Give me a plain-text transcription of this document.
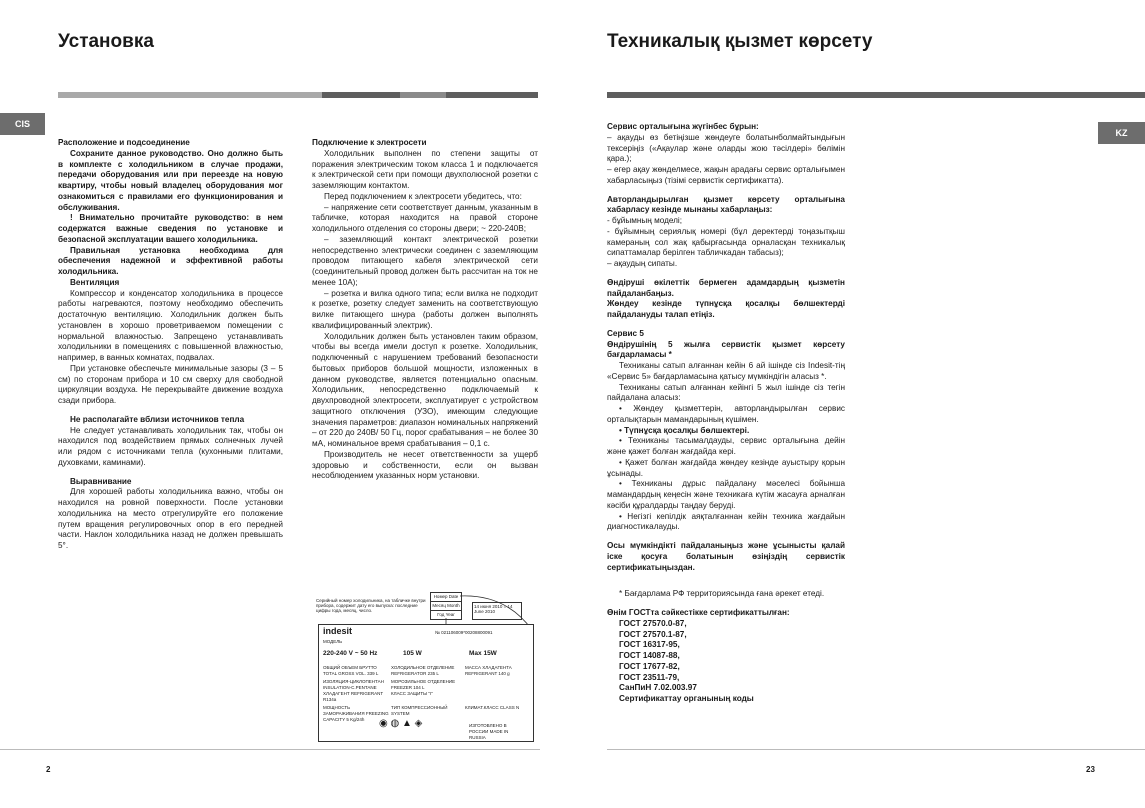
Установка
CIS

Расположение и подсоединение

Сохраните данное руководство. Оно должно быть в комплекте с холодильником в случае продажи, передачи оборудования или при переезде на новую квартиру, чтобы новый владелец оборудования мог ознакомиться с правилами его функционирования и обслуживания.

! Внимательно прочитайте руководство: в нем содержатся важные сведения по установке и безопасной эксплуатации вашего холодильника.

Правильная установка необходима для обеспечения надежной и эффективной работы холодильника.

Вентиляция

Компрессор и конденсатор холодильника в процессе работы нагреваются, поэтому необходимо обеспечить достаточную вентиляцию. Холодильник должен быть установлен в хорошо проветриваемом помещении с нормальной влажностью. Запрещено устанавливать холодильники в помещениях с повышенной влажностью, например, в ванных комнатах, подвалах.

При установке обеспечьте минимальные зазоры (3 – 5 см) по сторонам прибора и 10 см сверху для свободной циркуляции воздуха. Не перекрывайте движение воздуха сзади прибора.

Не располагайте вблизи источников тепла

Не следует устанавливать холодильник так, чтобы он находился под воздействием прямых солнечных лучей или рядом с источниками тепла (кухонными плитами, духовками, каминами).

Выравнивание

Для хорошей работы холодильника важно, чтобы он находился на ровной поверхности. После установки холодильника на место отрегулируйте его положение путем вращения регулировочных опор в его передней части. Наклон холодильника назад не должен превышать 5°.

Подключение к электросети

Холодильник выполнен по степени защиты от поражения электрическим током класса 1 и подключается к электрической сети при помощи двухполюсной розетки с заземляющим контактом.

Перед подключением к электросети убедитесь, что:

– напряжение сети соответствует данным, указанным в табличке, которая находится на правой стороне холодильного отделения со стороны двери; ~ 220-240В;

– заземляющий контакт электрической розетки непосредственно электрически соединен с заземляющим проводом питающего кабеля электрической сети (соединительный провод должен быть рассчитан на ток не менее 10А);

– розетка и вилка одного типа; если вилка не подходит к розетке, розетку следует заменить на соответствующую вилке питающего шнура (работы должен выполнять квалифицированный электрик).

Холодильник должен быть установлен таким образом, чтобы вы всегда имели доступ к розетке. Холодильник, подключенный с нарушением требований безопасности бытовых приборов большой мощности, изложенных в данном руководстве, является потенциально опасным. Холодильник, непосредственно подключаемый к двухпроводной электросети, эксплуатирует с устройством защитного отключения (УЗО), имеющим следующие значения параметров: диапазон номинальных напряжений – от 220 до 240В/ 50 Гц, порог срабатывания – не более 30 мА, номинальное время срабатывания – 0,1 с.

Производитель не несет ответственности за ущерб здоровью и собственности, если он вызван несоблюдением указанных норм установки.

Серийный номер холодильника, на табличке внутри прибора, содержит дату его выпуска: последние цифры года, месяц, число.
Номер Date
Месяц Month
Год Year
14 июня 2010 = 14 June 2010
indesit
МОДЕЛЬ
№ 021106009*00208800091
220-240 V ~ 50 Hz	105 W	Max 15W
ОБЩИЙ ОБЪЕМ БРУТТО TOTAL GROSS VOL. 339 L
ХОЛОДИЛЬНОЕ ОТДЕЛЕНИЕ REFRIGERATOR 235 L
МАССА ХЛАДАГЕНТА REFRIGERANT 140 g
ИЗОЛЯЦИЯ-ЦИКЛОПЕНТАН INSULATION-C.PENTANE
МОРОЗИЛЬНОЕ ОТДЕЛЕНИЕ FREEZER 104 L
ХЛАДАГЕНТ REFRIGERANT R134a
КЛАСС ЗАЩИТЫ "I"
МОЩНОСТЬ ЗАМОРАЖИВАНИЯ FREEZING CAPACITY 5 Kg/24h
ТИП КОМПРЕССИОННЫЙ SYSTEM
КЛИМАТ.КЛАСС CLASS N
◉ ◍ ▲ ◈	ИЗГОТОВЛЕНО В РОССИИ MADE IN RUSSIA
2
Техникалық қызмет көрсету
KZ

Сервис орталығына жүгінбес бұрын:

– ақауды өз бетіңізше жөндеуге болатынболмайтындығын тексеріңіз («Ақаулар және оларды жою тәсілдері» бөлімін қара.);

– егер ақау жөнделмесе, жақын арадағы сервис орталығымен хабарласыңыз (тізімі сервистік сертификатта).

Авторландырылған қызмет көрсету орталығына хабарласу кезінде мынаны хабарлаңыз:

- бұйымның моделі;

- бұйымның сериялық номері (бұл деректерді тоңазытқыш камераның сол жақ қабырғасында орналасқан техникалық сипаттамалар берілген табличкадан табасыз);

– ақаудың сипаты.

Өндіруші өкілеттік бермеген адамдардың қызметін пайдаланбаңыз.

Жөндеу кезінде түпнұсқа қосалқы бөлшектерді пайдалануды талап етіңіз.

Сервис 5

Өндірушінің 5 жылға сервистік қызмет көрсету бағдарламасы *

Техниканы сатып алғаннан кейін 6 ай ішінде сіз Indesit-тің «Сервис 5» бағдарламасына қатысу мүмкіндігін аласыз *.

Техниканы сатып алғаннан кейінгі 5 жыл ішінде сіз тегін пайдалана аласыз:

• Жөндеу қызметтерін, авторландырылған сервис орталықтарын мамандарының күшімен.

• Түпнұсқа қосалқы бөлшектері.

• Техниканы тасымалдауды, сервис орталығына дейін және қажет болған жағдайда кері.

• Қажет болған жағдайда жөндеу кезінде ауыстыру қорын ұсынады.

• Техниканы дұрыс пайдалану мәселесі бойынша мамандардың кеңесін және техникаға күтім жасауға арналған кәсіби құралдарды таңдау беруді.

• Негізгі кепілдік аяқталғаннан кейін техника жағдайын диагностикалауды.

Осы мүмкіндікті пайдаланыңыз және ұсынысты қалай іске қосуға болатынын өзіңіздің сервистік сертификатыңыздан.

* Бағдарлама РФ территориясында ғана әрекет етеді.

Өнім ГОСТта сәйкестікке сертификаттылған:

ГОСТ 27570.0-87,

ГОСТ 27570.1-87,

ГОСТ 16317-95,

ГОСТ 14087-88,

ГОСТ 17677-82,

ГОСТ 23511-79,

СанПиН 7.02.003.97

Сертификаттау органының коды

23
